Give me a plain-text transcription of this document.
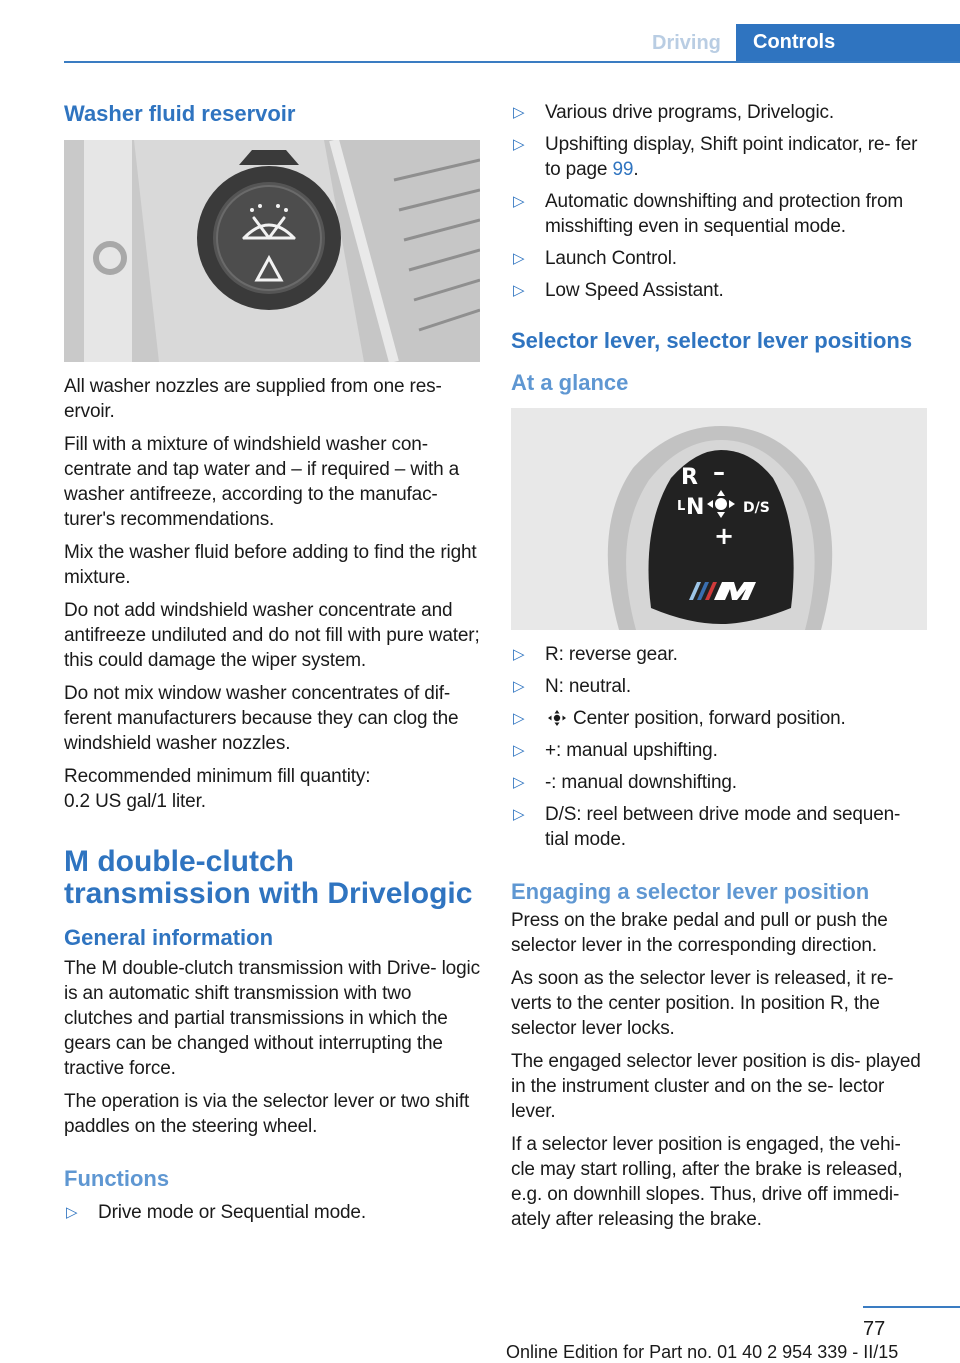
Driving	Controls
Washer fluid reservoir

All washer nozzles are supplied from one res‐ ervoir.

Fill with a mixture of windshield washer con‐ centrate and tap water and – if required – with a washer antifreeze, according to the manufac‐ turer's recommendations.

Mix the washer fluid before adding to find the right mixture.

Do not add windshield washer concentrate and antifreeze undiluted and do not fill with pure water; this could damage the wiper system.

Do not mix window washer concentrates of dif‐ ferent manufacturers because they can clog the windshield washer nozzles.

Recommended minimum fill quantity:
0.2 US gal/1 liter.

M double-clutch transmission with Drivelogic
General information

The M double-clutch transmission with Drive‐ logic is an automatic shift transmission with two clutches and partial transmissions in which the gears can be changed without interrupting the tractive force.

The operation is via the selector lever or two shift paddles on the steering wheel.

Functions
▷ Drive mode or Sequential mode.
▷ Various drive programs, Drivelogic.
▷ Upshifting display, Shift point indicator, re‐ fer to page 99.
▷ Automatic downshifting and protection from misshifting even in sequential mode.
▷ Launch Control.
▷ Low Speed Assistant.
Selector lever, selector lever positions
At a glance
R –
L N	D/S
+
▷ R: reverse gear.
▷ N: neutral.
▷	Center position, forward position.
▷ +: manual upshifting.
▷ -: manual downshifting.
▷ D/S: reel between drive mode and sequen‐ tial mode.
Engaging a selector lever position

Press on the brake pedal and pull or push the selector lever in the corresponding direction.

As soon as the selector lever is released, it re‐ verts to the center position. In position R, the selector lever locks.

The engaged selector lever position is dis‐ played in the instrument cluster and on the se‐ lector lever.

If a selector lever position is engaged, the vehi‐ cle may start rolling, after the brake is released, e.g. on downhill slopes. Thus, drive off immedi‐ ately after releasing the brake.

77
Online Edition for Part no. 01 40 2 954 339 - II/15
